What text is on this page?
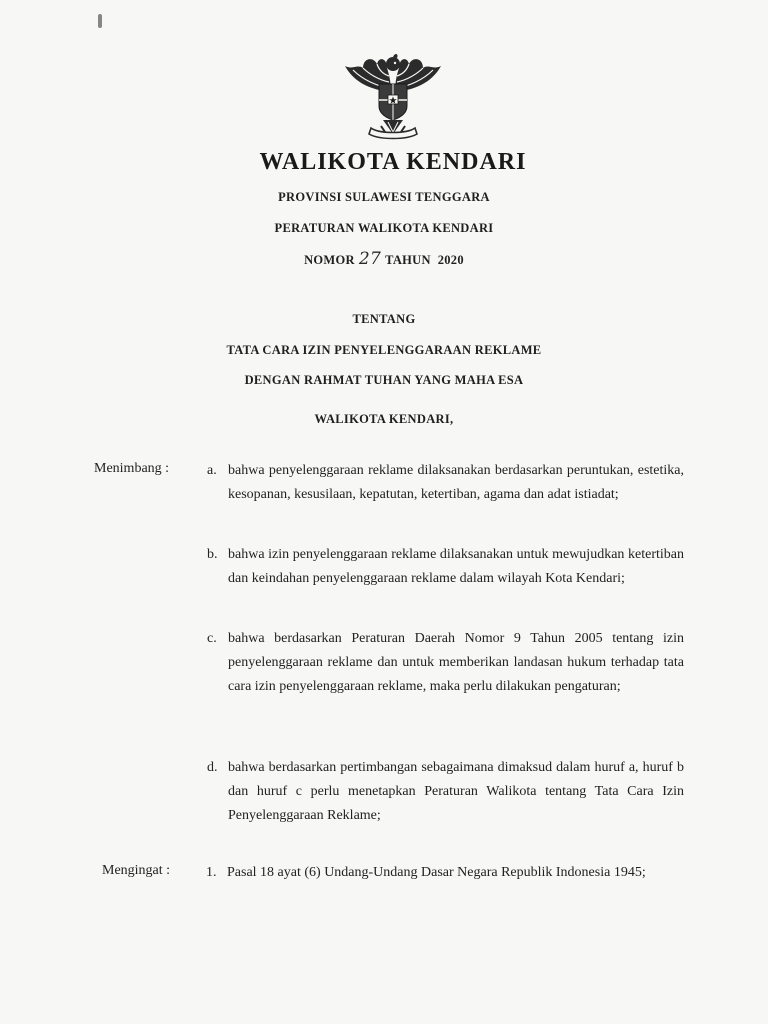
WALIKOTA KENDARI
PROVINSI SULAWESI TENGGARA
PERATURAN WALIKOTA KENDARI
NOMOR 27 TAHUN 2020
TENTANG
TATA CARA IZIN PENYELENGGARAAN REKLAME
DENGAN RAHMAT TUHAN YANG MAHA ESA
WALIKOTA KENDARI,
Menimbang :	a. bahwa penyelenggaraan reklame dilaksanakan berdasarkan peruntukan, estetika, kesopanan, kesusilaan, kepatutan, ketertiban, agama dan adat istiadat;
b. bahwa izin penyelenggaraan reklame dilaksanakan untuk mewujudkan ketertiban dan keindahan penyelenggaraan reklame dalam wilayah Kota Kendari;
c. bahwa berdasarkan Peraturan Daerah Nomor 9 Tahun 2005 tentang izin penyelenggaraan reklame dan untuk memberikan landasan hukum terhadap tata cara izin penyelenggaraan reklame, maka perlu dilakukan pengaturan;
d. bahwa berdasarkan pertimbangan sebagaimana dimaksud dalam huruf a, huruf b dan huruf c perlu menetapkan Peraturan Walikota tentang Tata Cara Izin Penyelenggaraan Reklame;
Mengingat :	1. Pasal 18 ayat (6) Undang-Undang Dasar Negara Republik Indonesia 1945;
